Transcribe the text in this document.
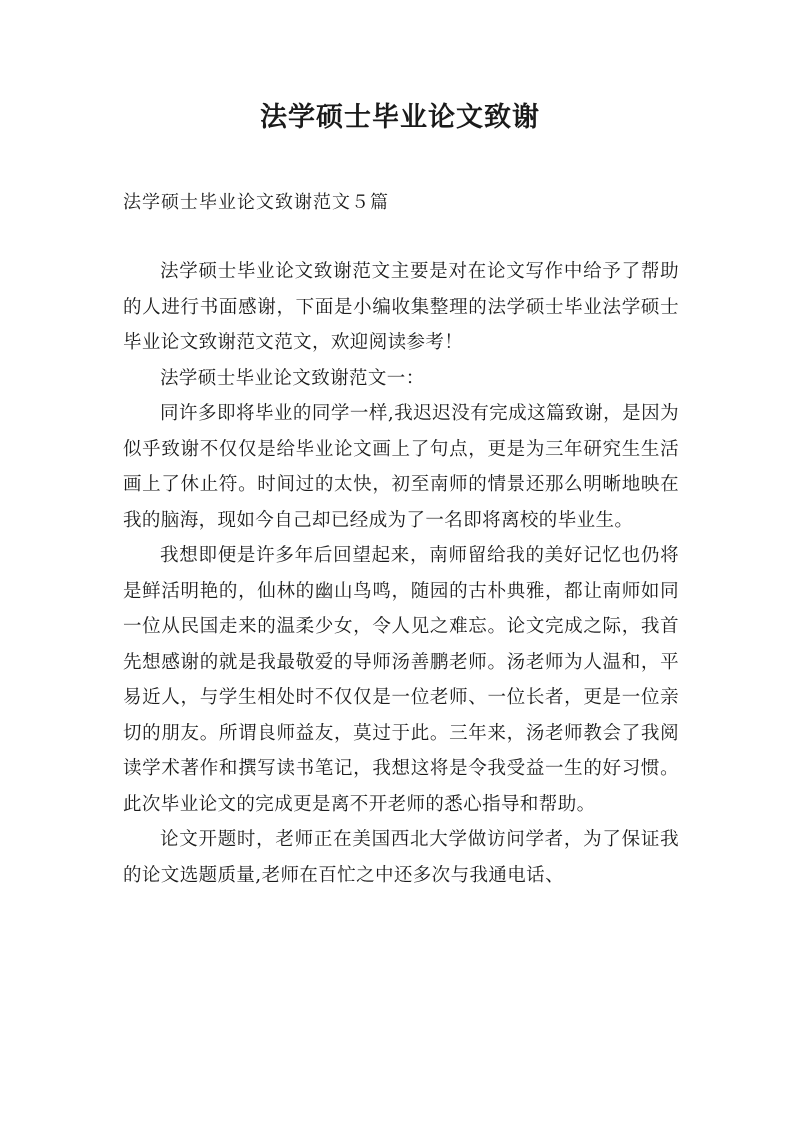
法学硕士毕业论文致谢

法学硕士毕业论文致谢范文５篇

法学硕士毕业论文致谢范文主要是对在论文写作中给予了帮助的人进行书面感谢，下面是小编收集整理的法学硕士毕业法学硕士毕业论文致谢范文范文，欢迎阅读参考！

法学硕士毕业论文致谢范文一：

同许多即将毕业的同学一样,我迟迟没有完成这篇致谢，是因为似乎致谢不仅仅是给毕业论文画上了句点，更是为三年研究生生活画上了休止符。时间过的太快，初至南师的情景还那么明晰地映在我的脑海，现如今自己却已经成为了一名即将离校的毕业生。

我想即便是许多年后回望起来，南师留给我的美好记忆也仍将是鲜活明艳的，仙林的幽山鸟鸣，随园的古朴典雅，都让南师如同一位从民国走来的温柔少女，令人见之难忘。论文完成之际，我首先想感谢的就是我最敬爱的导师汤善鹏老师。汤老师为人温和，平易近人，与学生相处时不仅仅是一位老师、一位长者，更是一位亲切的朋友。所谓良师益友，莫过于此。三年来，汤老师教会了我阅读学术著作和撰写读书笔记，我想这将是令我受益一生的好习惯。此次毕业论文的完成更是离不开老师的悉心指导和帮助。

论文开题时，老师正在美国西北大学做访问学者，为了保证我的论文选题质量,老师在百忙之中还多次与我通电话、
